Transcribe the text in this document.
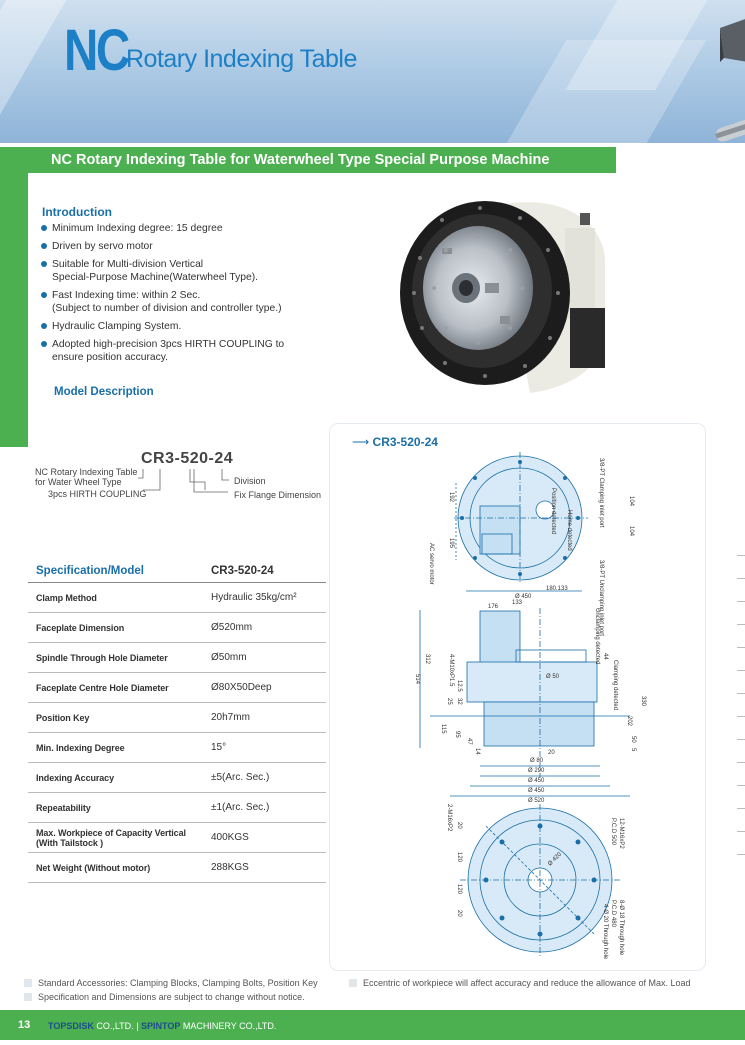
NC
Rotary Indexing Table
NC Rotary Indexing Table for Waterwheel Type Special Purpose Machine
Introduction
Minimum Indexing degree: 15 degree
Driven by servo motor
Suitable for Multi-division Vertical
Special-Purpose Machine(Waterwheel Type).
Fast Indexing time: within 2 Sec.
(Subject to number of division and controller type.)
Hydraulic Clamping System.
Adopted high-precision 3pcs HIRTH COUPLING to
ensure position accuracy.
Model Description
CR3-520-24
NC Rotary Indexing Table
for Water Wheel Type
3pcs HIRTH COUPLING
Division
Fix Flange Dimension
Specification/Model	CR3-520-24
Clamp Method	Hydraulic 35kg/cm²
Faceplate Dimension	Ø520mm
Spindle Through Hole Diameter	Ø50mm
Faceplate Centre Hole Diameter	Ø80X50Deep
Position Key	20h7mm
Min. Indexing Degree	15°
Indexing Accuracy	±5(Arc. Sec.)
Repeatability	±1(Arc. Sec.)
Max. Workpiece of Capacity Vertical
(With Tailstock )	400KGS
Net Weight (Without motor)	288KGS
⟶ CR3-520-24
192
195
AC servo motor
Position detected Home detected
3/8-PT Clamping inlet port
3/8-PT Unclamping inlet port
104
104
180.133
Ø 450
176
133
Unclamping detected
Clamping detected
312
514	4-M10xP1.5	Ø 50
44
12.5
25 32	330
202
115
95
47
14
50
5
20
Ø 80
Ø 290
Ø 450
Ø 450
Ø 520
2-M16xP2
12-M16xP2
P.C.D 500
20
120
120
20	8-Ø 18 Through hole
P.C.D 480
4-Ø 20 Through hole
Ø 420
Standard Accessories: Clamping Blocks, Clamping Bolts, Position Key
Specification and Dimensions are subject to change without notice.
Eccentric of workpiece will affect accuracy and reduce the allowance of Max. Load
13 TOPSDISK CO.,LTD. | SPINTOP MACHINERY CO.,LTD.
